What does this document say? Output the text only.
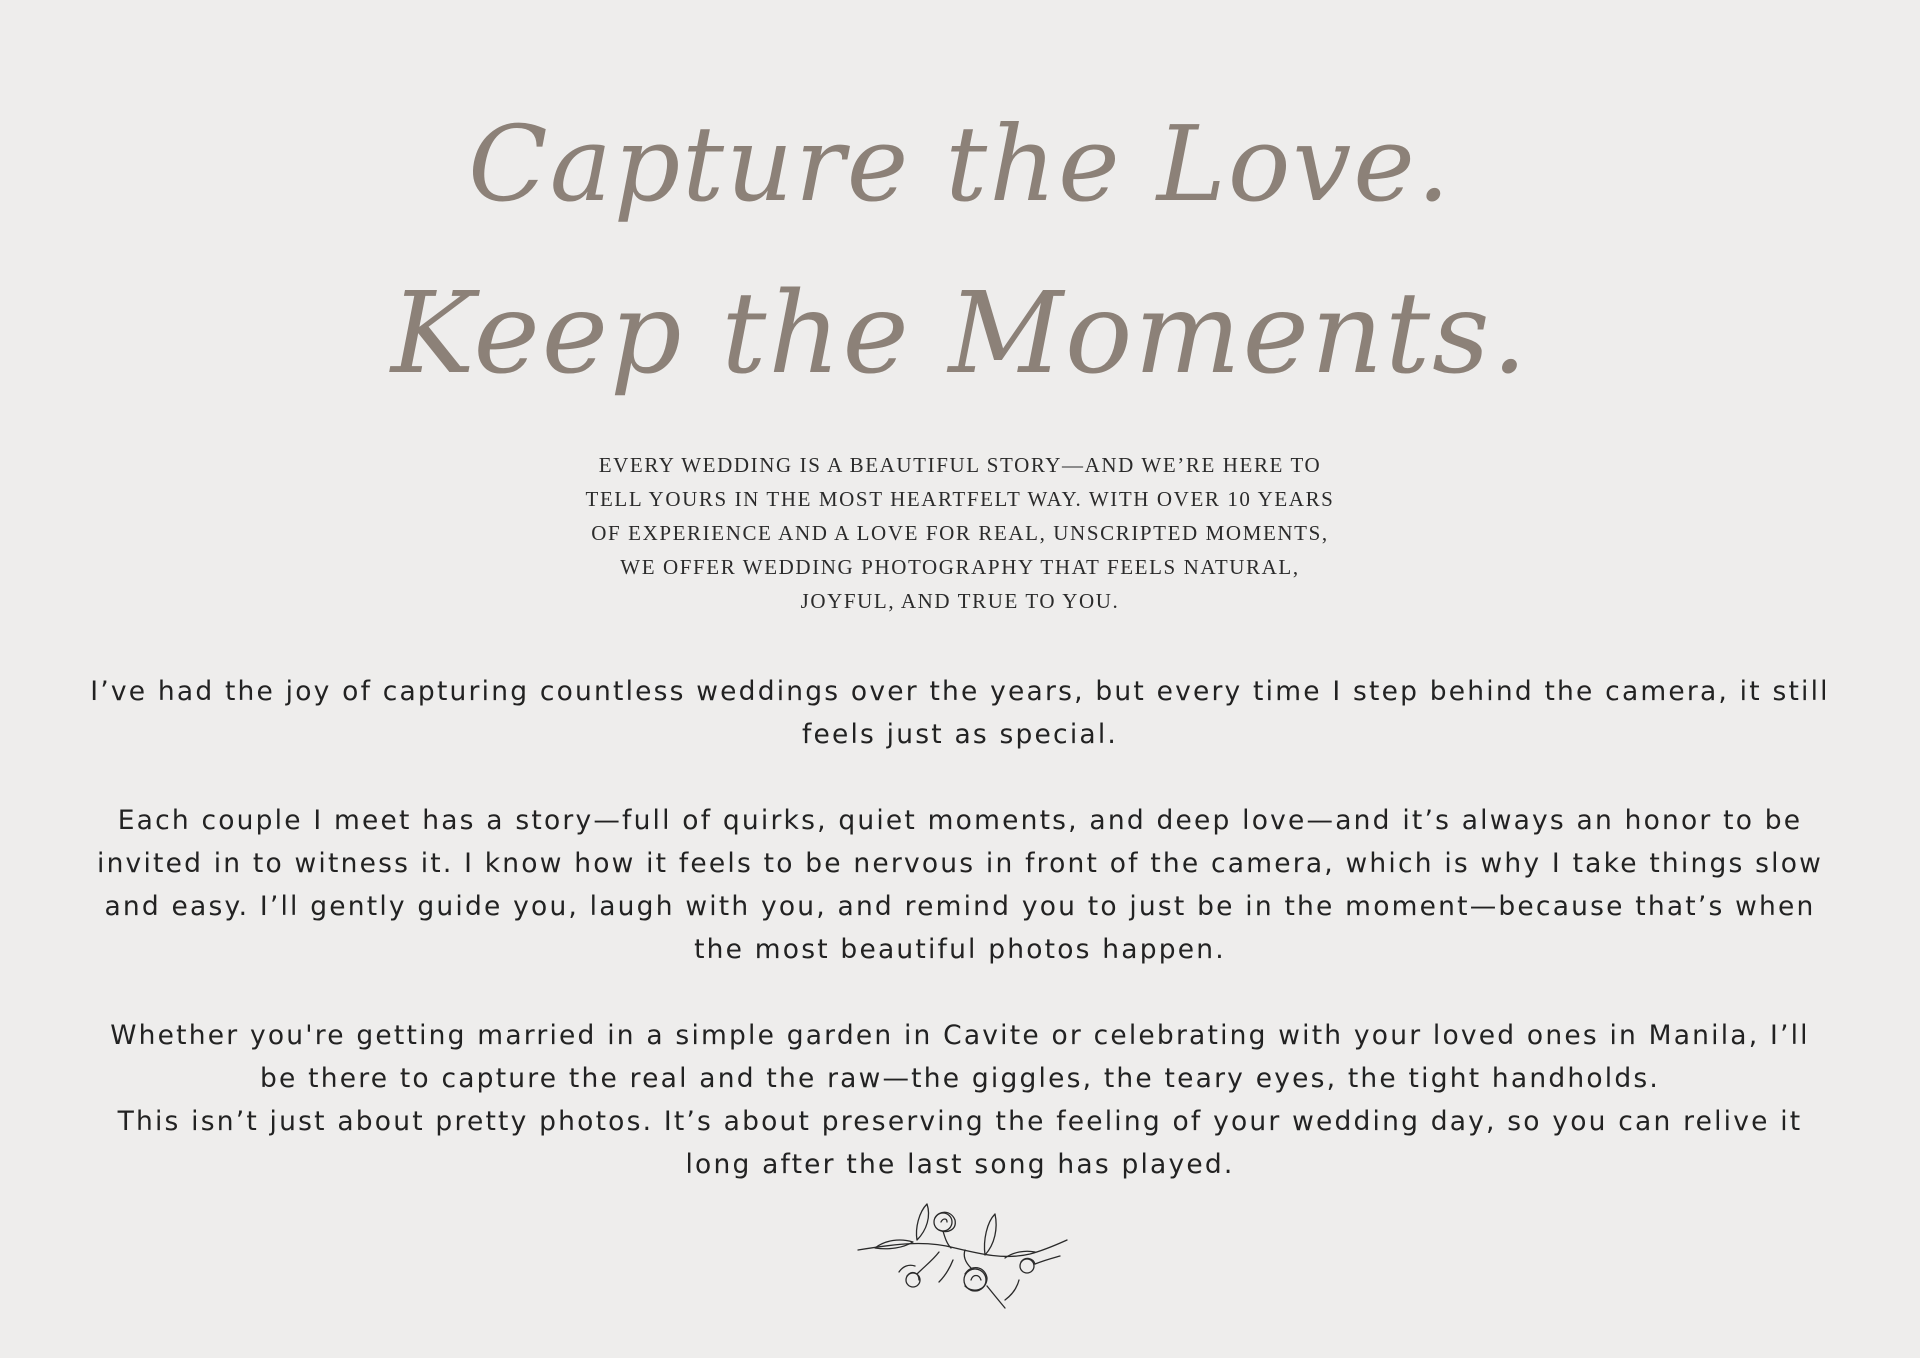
Capture the Love.
Keep the Moments.
EVERY WEDDING IS A BEAUTIFUL STORY—AND WE’RE HERE TO
TELL YOURS IN THE MOST HEARTFELT WAY. WITH OVER 10 YEARS
OF EXPERIENCE AND A LOVE FOR REAL, UNSCRIPTED MOMENTS,
WE OFFER WEDDING PHOTOGRAPHY THAT FEELS NATURAL,
JOYFUL, AND TRUE TO YOU.

I’ve had the joy of capturing countless weddings over the years, but every time I step behind the camera, it still feels just as special.

Each couple I meet has a story—full of quirks, quiet moments, and deep love—and it’s always an honor to be invited in to witness it. I know how it feels to be nervous in front of the camera, which is why I take things slow and easy. I’ll gently guide you, laugh with you, and remind you to just be in the moment—because that’s when the most beautiful photos happen.

Whether you're getting married in a simple garden in Cavite or celebrating with your loved ones in Manila, I’ll be there to capture the real and the raw—the giggles, the teary eyes, the tight handholds.

This isn’t just about pretty photos. It’s about preserving the feeling of your wedding day, so you can relive it long after the last song has played.
